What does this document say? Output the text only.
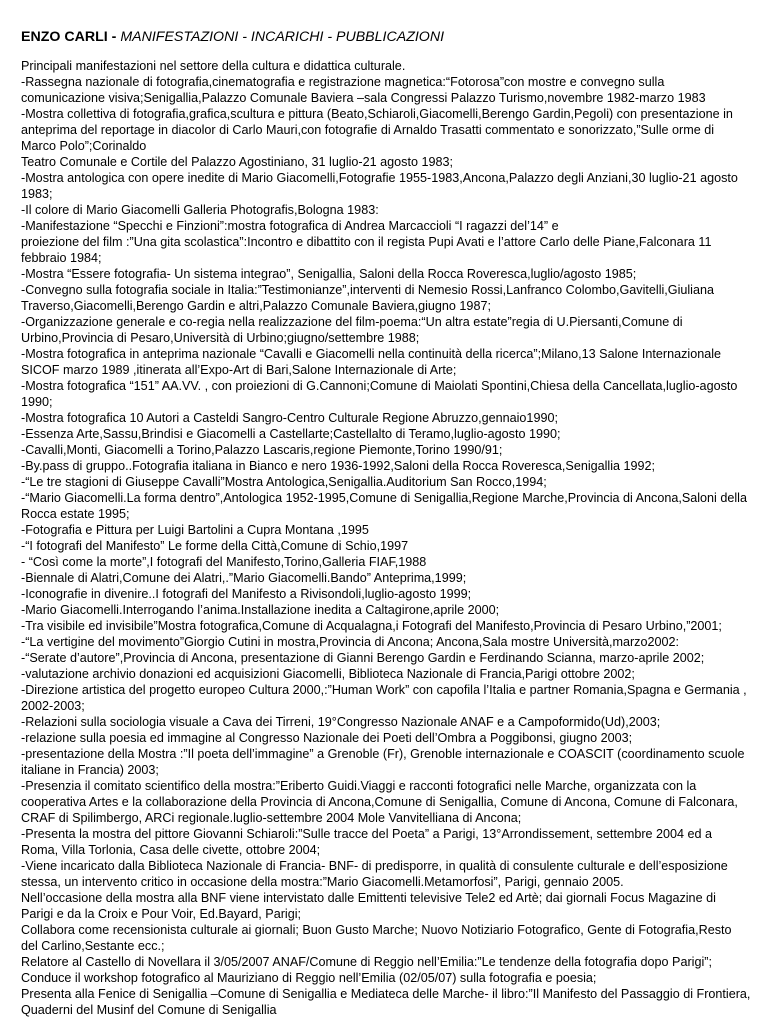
ENZO CARLI - MANIFESTAZIONI - INCARICHI - PUBBLICAZIONI

Principali manifestazioni nel settore della cultura e didattica culturale.

-Rassegna nazionale di fotografia,cinematografia e registrazione magnetica:“Fotorosa”con mostre e convegno sulla comunicazione visiva;Senigallia,Palazzo Comunale Baviera –sala Congressi Palazzo Turismo,novembre 1982-marzo 1983

-Mostra collettiva di fotografia,grafica,scultura e pittura (Beato,Schiaroli,Giacomelli,Berengo Gardin,Pegoli) con presentazione in anteprima del reportage in diacolor di Carlo Mauri,con fotografie di Arnaldo Trasatti commentato e sonorizzato,”Sulle orme di Marco Polo”;Corinaldo

Teatro Comunale e Cortile del Palazzo Agostiniano, 31 luglio-21 agosto 1983;

-Mostra antologica con opere inedite di Mario Giacomelli,Fotografie 1955-1983,Ancona,Palazzo degli Anziani,30 luglio-21 agosto 1983;

-Il colore di Mario Giacomelli Galleria Photografis,Bologna 1983:

-Manifestazione “Specchi e Finzioni”:mostra fotografica di Andrea Marcaccioli “I ragazzi del’14” e

proiezione del film :”Una gita scolastica”:Incontro e dibattito con il regista Pupi Avati e l’attore Carlo delle Piane,Falconara 11 febbraio 1984;

-Mostra “Essere fotografia- Un sistema integrao”, Senigallia, Saloni della Rocca Roveresca,luglio/agosto 1985;

-Convegno sulla fotografia sociale in Italia:”Testimonianze”,interventi di Nemesio Rossi,Lanfranco Colombo,Gavitelli,Giuliana Traverso,Giacomelli,Berengo Gardin e altri,Palazzo Comunale Baviera,giugno 1987;

-Organizzazione generale e co-regia nella realizzazione del film-poema:“Un altra estate”regia di U.Piersanti,Comune di Urbino,Provincia di Pesaro,Università di Urbino;giugno/settembre 1988;

-Mostra fotografica in anteprima nazionale “Cavalli e Giacomelli nella continuità della ricerca”;Milano,13 Salone Internazionale SICOF marzo 1989 ,itinerata all’Expo-Art di Bari,Salone Internazionale di Arte;

-Mostra fotografica “151” AA.VV. , con proiezioni di G.Cannoni;Comune di Maiolati Spontini,Chiesa della Cancellata,luglio-agosto 1990;

-Mostra fotografica 10 Autori a Casteldi Sangro-Centro Culturale Regione Abruzzo,gennaio1990;

-Essenza Arte,Sassu,Brindisi e Giacomelli a Castellarte;Castellalto di Teramo,luglio-agosto 1990;

-Cavalli,Monti, Giacomelli a Torino,Palazzo Lascaris,regione Piemonte,Torino 1990/91;

-By.pass di gruppo..Fotografia italiana in Bianco e nero 1936-1992,Saloni della Rocca Roveresca,Senigallia 1992;

-“Le tre stagioni di Giuseppe Cavalli”Mostra Antologica,Senigallia.Auditorium San Rocco,1994;

-“Mario Giacomelli.La forma dentro”,Antologica 1952-1995,Comune di Senigallia,Regione Marche,Provincia di Ancona,Saloni della Rocca estate 1995;

-Fotografia e Pittura per Luigi Bartolini a Cupra Montana ,1995

-“I fotografi del Manifesto” Le forme della Città,Comune di Schio,1997

- “Così come la morte”,I fotografi del Manifesto,Torino,Galleria FIAF,1988

-Biennale di Alatri,Comune dei Alatri,.”Mario Giacomelli.Bando” Anteprima,1999;

-Iconografie in divenire..I fotografi del Manifesto a Rivisondoli,luglio-agosto 1999;

-Mario Giacomelli.Interrogando l’anima.Installazione inedita a Caltagirone,aprile 2000;

-Tra visibile ed invisibile”Mostra fotografica,Comune di Acqualagna,i Fotografi del Manifesto,Provincia di Pesaro Urbino,”2001;

-“La vertigine del movimento”Giorgio Cutini in mostra,Provincia di Ancona; Ancona,Sala mostre Università,marzo2002:

-“Serate d’autore”,Provincia di Ancona, presentazione di Gianni Berengo Gardin e Ferdinando Scianna, marzo-aprile 2002;

-valutazione archivio donazioni ed acquisizioni Giacomelli, Biblioteca Nazionale di Francia,Parigi ottobre 2002;

-Direzione artistica del progetto europeo Cultura 2000,:”Human Work” con capofila l’Italia e partner Romania,Spagna e Germania , 2002-2003;

-Relazioni sulla sociologia visuale a Cava dei Tirreni, 19°Congresso Nazionale ANAF e a Campoformido(Ud),2003;

-relazione sulla poesia ed immagine al Congresso Nazionale dei Poeti dell’Ombra a Poggibonsi, giugno 2003;

-presentazione della Mostra :”Il poeta dell’immagine” a Grenoble (Fr), Grenoble internazionale e COASCIT (coordinamento scuole italiane in Francia) 2003;

-Presenzia il comitato scientifico della mostra:”Eriberto Guidi.Viaggi e racconti fotografici nelle Marche, organizzata con la cooperativa Artes e la collaborazione della Provincia di Ancona,Comune di Senigallia, Comune di Ancona, Comune di Falconara, CRAF di Spilimbergo, ARCi regionale.luglio-settembre 2004 Mole Vanvitelliana di Ancona;

-Presenta la mostra del pittore Giovanni Schiaroli:”Sulle tracce del Poeta” a Parigi, 13°Arrondissement, settembre 2004 ed a Roma, Villa Torlonia, Casa delle civette, ottobre 2004;

-Viene incaricato dalla Biblioteca Nazionale di Francia- BNF- di predisporre, in qualità di consulente culturale e dell’esposizione stessa, un intervento critico in occasione della mostra:”Mario Giacomelli.Metamorfosi”, Parigi, gennaio 2005.

Nell’occasione della mostra alla BNF viene intervistato dalle Emittenti televisive Tele2 ed Artè; dai giornali Focus Magazine di Parigi e da la Croix e Pour Voir, Ed.Bayard, Parigi;

Collabora come recensionista culturale ai giornali; Buon Gusto Marche; Nuovo Notiziario Fotografico, Gente di Fotografia,Resto del Carlino,Sestante ecc.;

Relatore al Castello di Novellara il 3/05/2007 ANAF/Comune di Reggio nell’Emilia:”Le tendenze della fotografia dopo Parigi”;

Conduce il workshop fotografico al Mauriziano di Reggio nell’Emilia (02/05/07) sulla fotografia e poesia;

Presenta alla Fenice di Senigallia –Comune di Senigallia e Mediateca delle Marche- il libro:”Il Manifesto del Passaggio di Frontiera, Quaderni del Musinf del Comune di Senigallia
